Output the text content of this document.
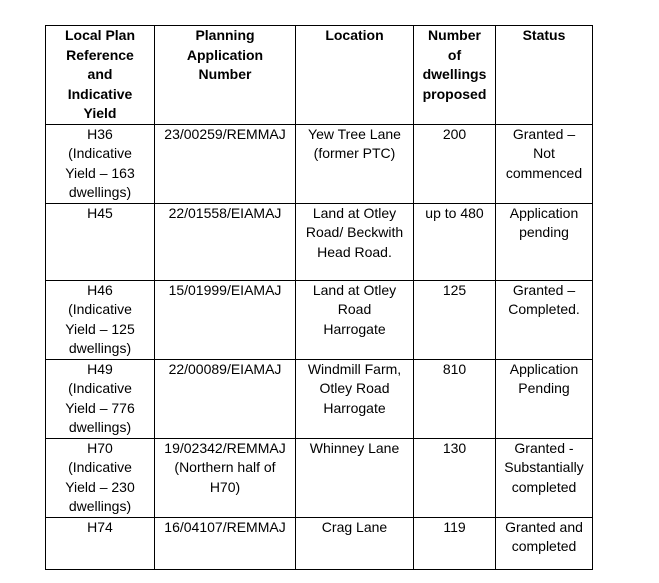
Local Plan
Reference
and
Indicative
Yield	Planning
Application
Number	Location	Number
of
dwellings
proposed	Status

H36
(Indicative
Yield – 163
dwellings)	23/00259/REMMAJ	Yew Tree Lane
(former PTC)	200	Granted –
Not
commenced

H45	22/01558/EIAMAJ	Land at Otley
Road/ Beckwith
Head Road.	up to 480	Application
pending

H46
(Indicative
Yield – 125
dwellings)	15/01999/EIAMAJ	Land at Otley
Road
Harrogate	125	Granted –
Completed.

H49
(Indicative
Yield – 776
dwellings)	22/00089/EIAMAJ	Windmill Farm,
Otley Road
Harrogate	810	Application
Pending

H70
(Indicative
Yield – 230
dwellings)	19/02342/REMMAJ
(Northern half of
H70)	Whinney Lane	130	Granted -
Substantially
completed

H74	16/04107/REMMAJ	Crag Lane	119	Granted and
completed
